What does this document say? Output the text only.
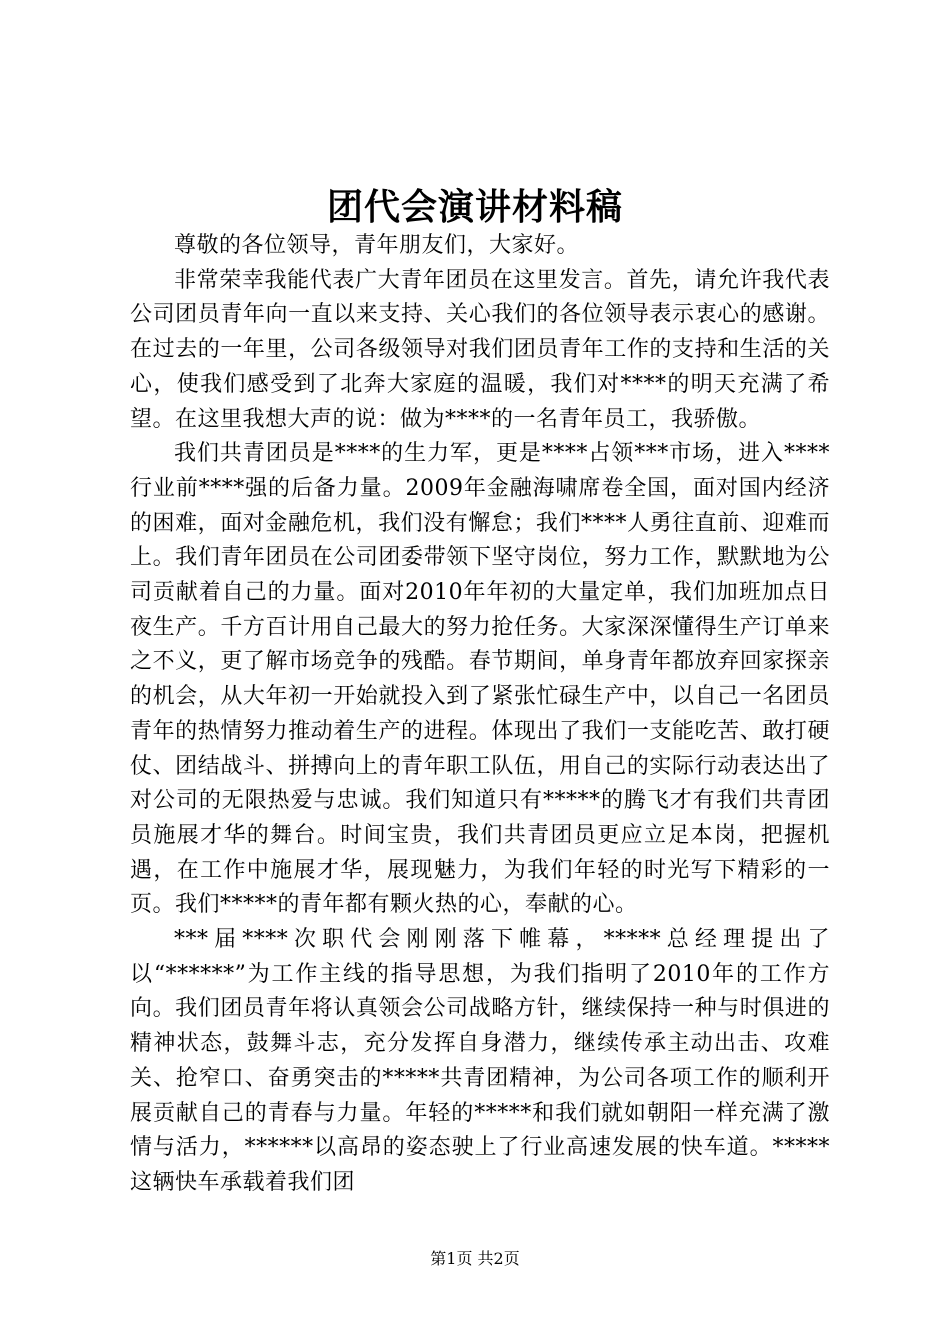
团代会演讲材料稿

尊敬的各位领导，青年朋友们，大家好。

非常荣幸我能代表广大青年团员在这里发言。首先，请允许我代表公司团员青年向一直以来支持、关心我们的各位领导表示衷心的感谢。在过去的一年里，公司各级领导对我们团员青年工作的支持和生活的关心，使我们感受到了北奔大家庭的温暖，我们对****的明天充满了希望。在这里我想大声的说：做为****的一名青年员工，我骄傲。

我们共青团员是****的生力军，更是****占领***市场，进入****行业前****强的后备力量。2009年金融海啸席卷全国，面对国内经济的困难，面对金融危机，我们没有懈怠；我们****人勇往直前、迎难而上。我们青年团员在公司团委带领下坚守岗位，努力工作，默默地为公司贡献着自己的力量。面对2010年年初的大量定单，我们加班加点日夜生产。千方百计用自己最大的努力抢任务。大家深深懂得生产订单来之不义，更了解市场竞争的残酷。春节期间，单身青年都放弃回家探亲的机会，从大年初一开始就投入到了紧张忙碌生产中，以自己一名团员青年的热情努力推动着生产的进程。体现出了我们一支能吃苦、敢打硬仗、团结战斗、拼搏向上的青年职工队伍，用自己的实际行动表达出了对公司的无限热爱与忠诚。我们知道只有*****的腾飞才有我们共青团员施展才华的舞台。时间宝贵，我们共青团员更应立足本岗，把握机遇，在工作中施展才华，展现魅力，为我们年轻的时光写下精彩的一页。我们*****的青年都有颗火热的心，奉献的心。

***届****次职代会刚刚落下帷幕，*****总经理提出了以“******”为工作主线的指导思想，为我们指明了2010年的工作方向。我们团员青年将认真领会公司战略方针，继续保持一种与时俱进的精神状态，鼓舞斗志，充分发挥自身潜力，继续传承主动出击、攻难关、抢窄口、奋勇突击的*****共青团精神，为公司各项工作的顺利开展贡献自己的青春与力量。年轻的*****和我们就如朝阳一样充满了激情与活力，******以高昂的姿态驶上了行业高速发展的快车道。*****这辆快车承载着我们团

第1页 共2页
